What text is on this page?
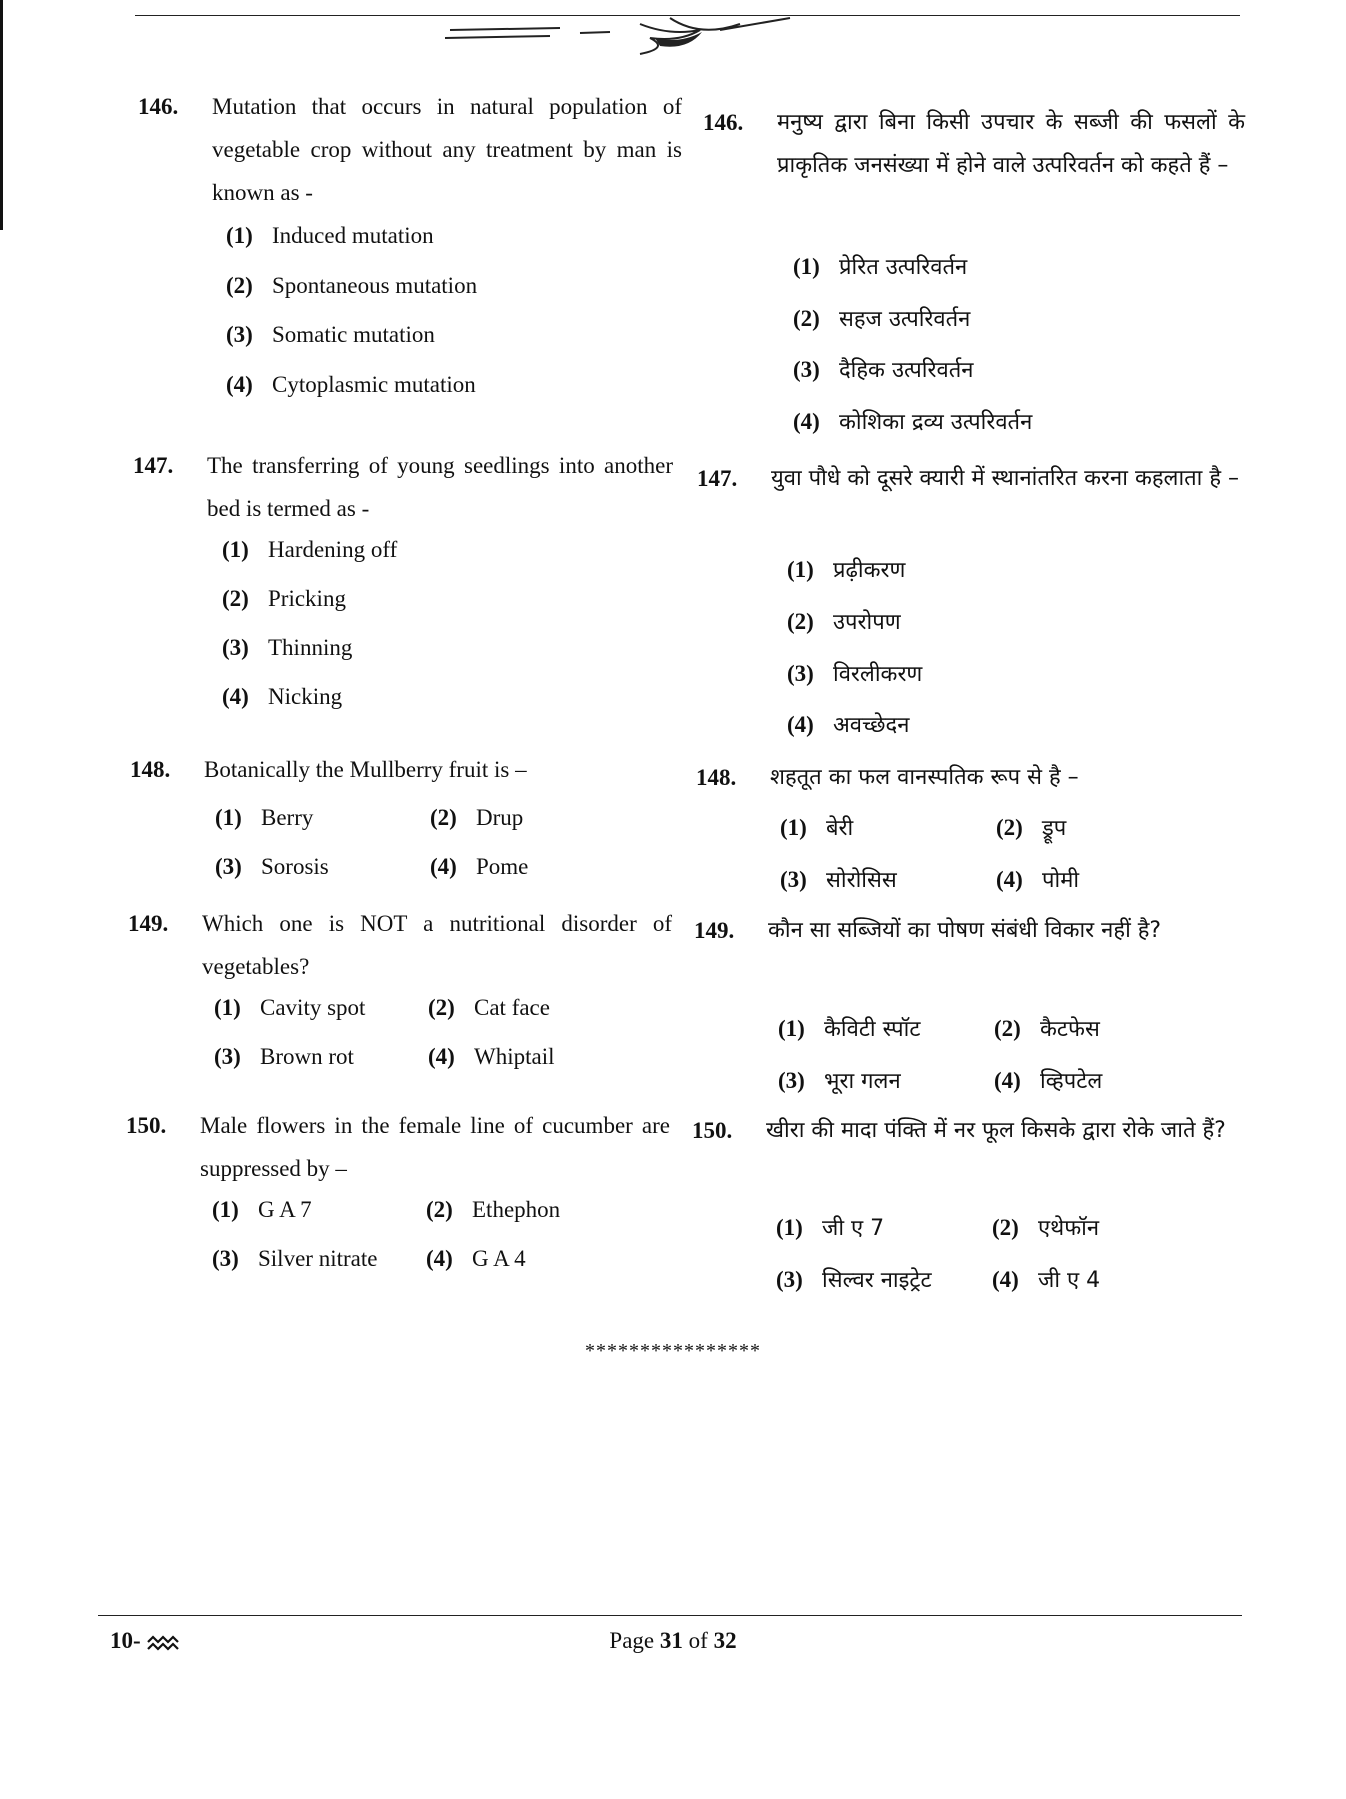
146. Mutation that occurs in natural population of vegetable crop without any treatment by man is known as -
(1) Induced mutation
(2) Spontaneous mutation
(3) Somatic mutation
(4) Cytoplasmic mutation
147. The transferring of young seedlings into another bed is termed as -
(1) Hardening off
(2) Pricking
(3) Thinning
(4) Nicking
148. Botanically the Mullberry fruit is –
(1) Berry	(2) Drup
(3) Sorosis	(4) Pome
149. Which one is NOT a nutritional disorder of vegetables?
(1) Cavity spot	(2) Cat face
(3) Brown rot	(4) Whiptail
150. Male flowers in the female line of cucumber are suppressed by –
(1) G A 7	(2) Ethephon
(3) Silver nitrate (4) G A 4
146. मनुष्य द्वारा बिना किसी उपचार के सब्जी की फसलों के प्राकृतिक जनसंख्या में होने वाले उत्परिवर्तन को कहते हैं –
(1) प्रेरित उत्परिवर्तन
(2) सहज उत्परिवर्तन
(3) दैहिक उत्परिवर्तन
(4) कोशिका द्रव्य उत्परिवर्तन
147. युवा पौधे को दूसरे क्यारी में स्थानांतरित करना कहलाता है –
(1) प्रढ़ीकरण
(2) उपरोपण
(3) विरलीकरण
(4) अवच्छेदन
148. शहतूत का फल वानस्पतिक रूप से है –
(1) बेरी	(2) ड्रूप
(3) सोरोसिस	(4) पोमी
149. कौन सा सब्जियों का पोषण संबंधी विकार नहीं है?
(1) कैविटी स्पॉट	(2) कैटफेस
(3) भूरा गलन	(4) व्हिपटेल
150. खीरा की मादा पंक्ति में नर फूल किसके द्वारा रोके जाते हैं?
(1) जी ए 7	(2) एथेफॉन
(3) सिल्वर नाइट्रेट	(4) जी ए 4
****************
10-	Page 31 of 32
